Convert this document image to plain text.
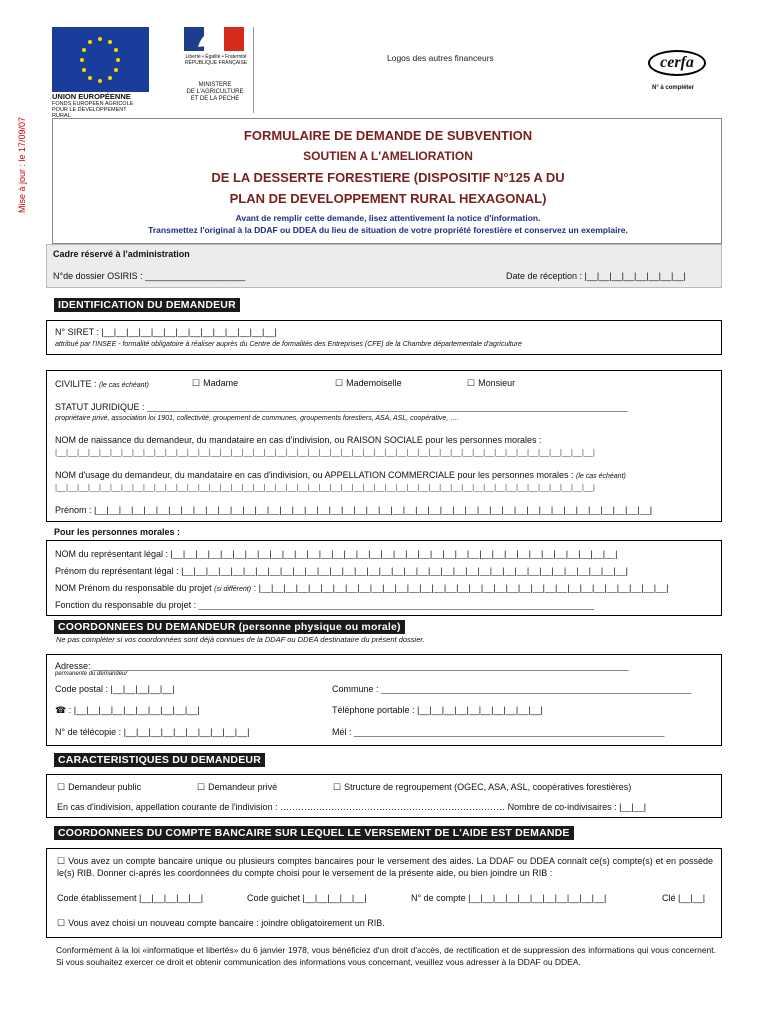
Mise à jour : le 17/09/07
UNION EUROPÉENNE
FONDS EUROPEEN AGRICOLE
POUR LE DEVELOPPEMENT
RURAL
Liberté • Égalité • Fraternité
RÉPUBLIQUE FRANÇAISE
MINISTERE
DE L'AGRICULTURE
ET DE LA PECHE
Logos des autres financeurs	cerfa
N° à compléter
FORMULAIRE DE DEMANDE DE SUBVENTION
SOUTIEN A L'AMELIORATION
DE LA DESSERTE FORESTIERE (DISPOSITIF N°125 A DU
PLAN DE DEVELOPPEMENT RURAL HEXAGONAL)
Avant de remplir cette demande, lisez attentivement la notice d'information.
Transmettez l'original à la DDAF ou DDEA du lieu de situation de votre propriété forestière et conservez un exemplaire.
Cadre réservé à l'administration
N°de dossier OSIRIS : ____________________	Date de réception : |__|__|__|__|__|__|__|__|
IDENTIFICATION DU DEMANDEUR
N° SIRET : |__|__|__|__|__|__|__|__|__|__|__|__|__|__|
attribué par l'INSEE - formalité obligatoire à réaliser auprès du Centre de formalités des Entreprises (CFE) de la Chambre départementale d'agriculture
CIVILITE : (le cas échéant)	☐ Madame	☐ Mademoiselle	☐ Monsieur
STATUT JURIDIQUE : ________________________________________________________________________________________________
propriétaire privé, association loi 1901, collectivité, groupement de communes, groupements forestiers, ASA, ASL, coopérative, ….
NOM de naissance du demandeur, du mandataire en cas d'indivision, ou RAISON SOCIALE pour les personnes morales :
|__|__|__|__|__|__|__|__|__|__|__|__|__|__|__|__|__|__|__|__|__|__|__|__|__|__|__|__|__|__|__|__|__|__|__|__|__|__|__|__|__|__|__|__|__|__|__|__|__|
NOM d'usage du demandeur, du mandataire en cas d'indivision, ou APPELLATION COMMERCIALE pour les personnes morales : (le cas échéant)
|__|__|__|__|__|__|__|__|__|__|__|__|__|__|__|__|__|__|__|__|__|__|__|__|__|__|__|__|__|__|__|__|__|__|__|__|__|__|__|__|__|__|__|__|__|__|__|__|__|
Prénom : |__|__|__|__|__|__|__|__|__|__|__|__|__|__|__|__|__|__|__|__|__|__|__|__|__|__|__|__|__|__|__|__|__|__|__|__|__|__|__|__|__|__|__|__|__|
Pour les personnes morales :
NOM du représentant légal : |__|__|__|__|__|__|__|__|__|__|__|__|__|__|__|__|__|__|__|__|__|__|__|__|__|__|__|__|__|__|__|__|__|__|__|__|
Prénom du représentant légal : |__|__|__|__|__|__|__|__|__|__|__|__|__|__|__|__|__|__|__|__|__|__|__|__|__|__|__|__|__|__|__|__|__|__|__|__|
NOM Prénom du responsable du projet (si différent) : |__|__|__|__|__|__|__|__|__|__|__|__|__|__|__|__|__|__|__|__|__|__|__|__|__|__|__|__|__|__|__|__|__|
Fonction du responsable du projet : _______________________________________________________________________________
COORDONNEES DU DEMANDEUR (personne physique ou morale)
Ne pas compléter si vos coordonnées sont déjà connues de la DDAF ou DDEA destinataire du présent dossier.
Adresse: ___________________________________________________________________________________________________________
permanente du demandeur
Code postal : |__|__|__|__|__|	Commune : ______________________________________________________________
☎ : |__|__|__|__|__|__|__|__|__|__|	Téléphone portable : |__|__|__|__|__|__|__|__|__|__|
N° de télécopie : |__|__|__|__|__|__|__|__|__|__|	Mél : ______________________________________________________________
CARACTERISTIQUES DU DEMANDEUR
☐ Demandeur public	☐ Demandeur privé	☐ Structure de regroupement (OGEC, ASA, ASL, coopératives forestières)
En cas d'indivision, appellation courante de l'indivision : ………………………………………………………………… Nombre de co-indivisaires : |__|__|
COORDONNEES DU COMPTE BANCAIRE SUR LEQUEL LE VERSEMENT DE L'AIDE EST DEMANDE
☐ Vous avez un compte bancaire unique ou plusieurs comptes bancaires pour le versement des aides. La DDAF ou DDEA connaît ce(s) compte(s) et en possède le(s) RIB. Donner ci-après les coordonnées du compte choisi pour le versement de la présente aide, ou bien joindre un RIB :
Code établissement |__|__|__|__|__|	Code guichet |__|__|__|__|__|	N° de compte |__|__|__|__|__|__|__|__|__|__|__|	Clé |__|__|
☐ Vous avez choisi un nouveau compte bancaire : joindre obligatoirement un RIB.
Conformément à la loi «informatique et libertés» du 6 janvier 1978, vous bénéficiez d'un droit d'accès, de rectification et de suppression des informations qui vous concernent. Si vous souhaitez exercer ce droit et obtenir communication des informations vous concernant, veuillez vous adresser à la DDAF ou DDEA.
